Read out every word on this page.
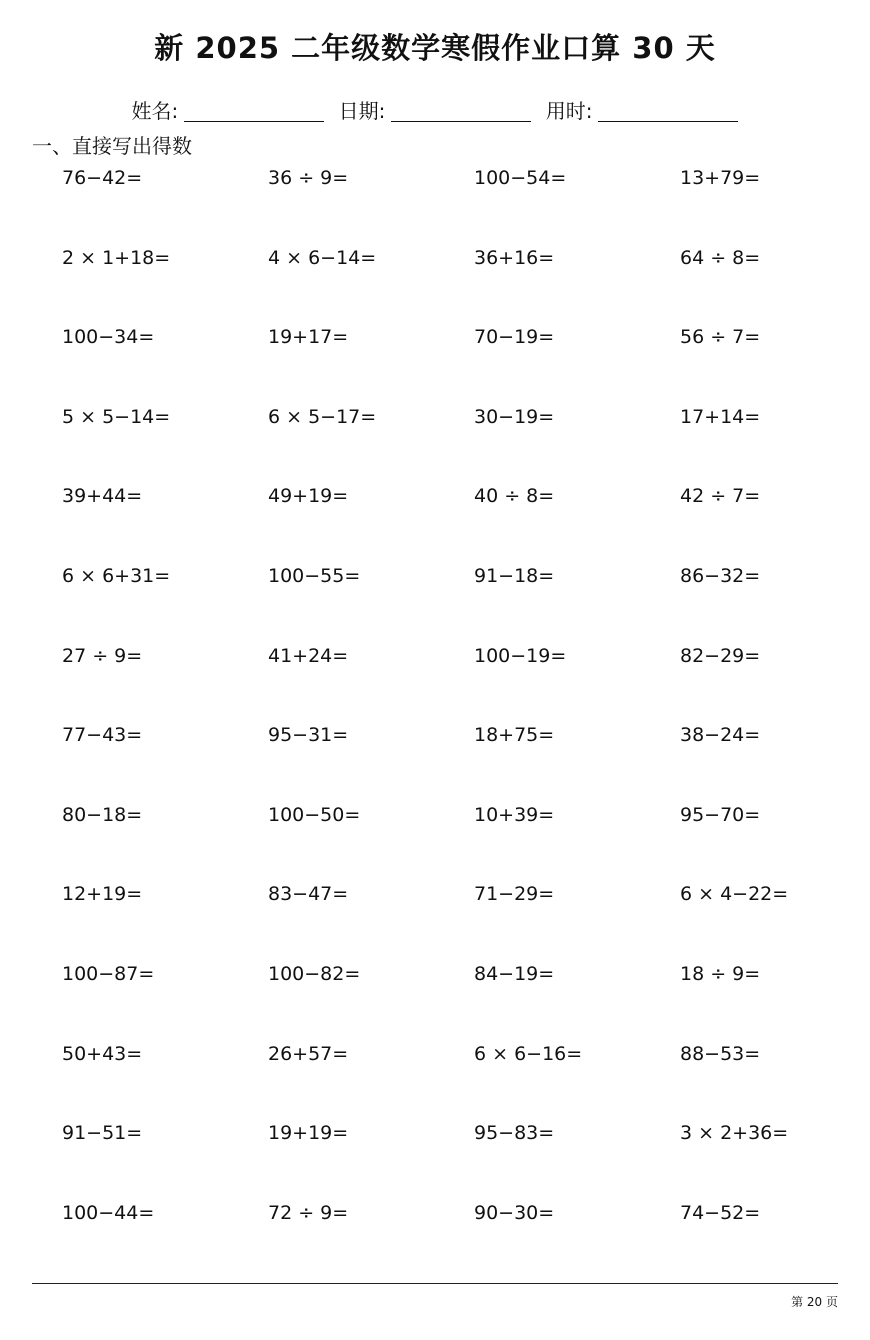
新 2025 二年级数学寒假作业口算 30 天
姓名:	日期:	用时:
一、直接写出得数
76−42=	36 ÷ 9=	100−54=	13+79=
2 × 1+18=	4 × 6−14=	36+16=	64 ÷ 8=
100−34=	19+17=	70−19=	56 ÷ 7=
5 × 5−14=	6 × 5−17=	30−19=	17+14=
39+44=	49+19=	40 ÷ 8=	42 ÷ 7=
6 × 6+31=	100−55=	91−18=	86−32=
27 ÷ 9=	41+24=	100−19=	82−29=
77−43=	95−31=	18+75=	38−24=
80−18=	100−50=	10+39=	95−70=
12+19=	83−47=	71−29=	6 × 4−22=
100−87=	100−82=	84−19=	18 ÷ 9=
50+43=	26+57=	6 × 6−16=	88−53=
91−51=	19+19=	95−83=	3 × 2+36=
100−44=	72 ÷ 9=	90−30=	74−52=
第 20 页
